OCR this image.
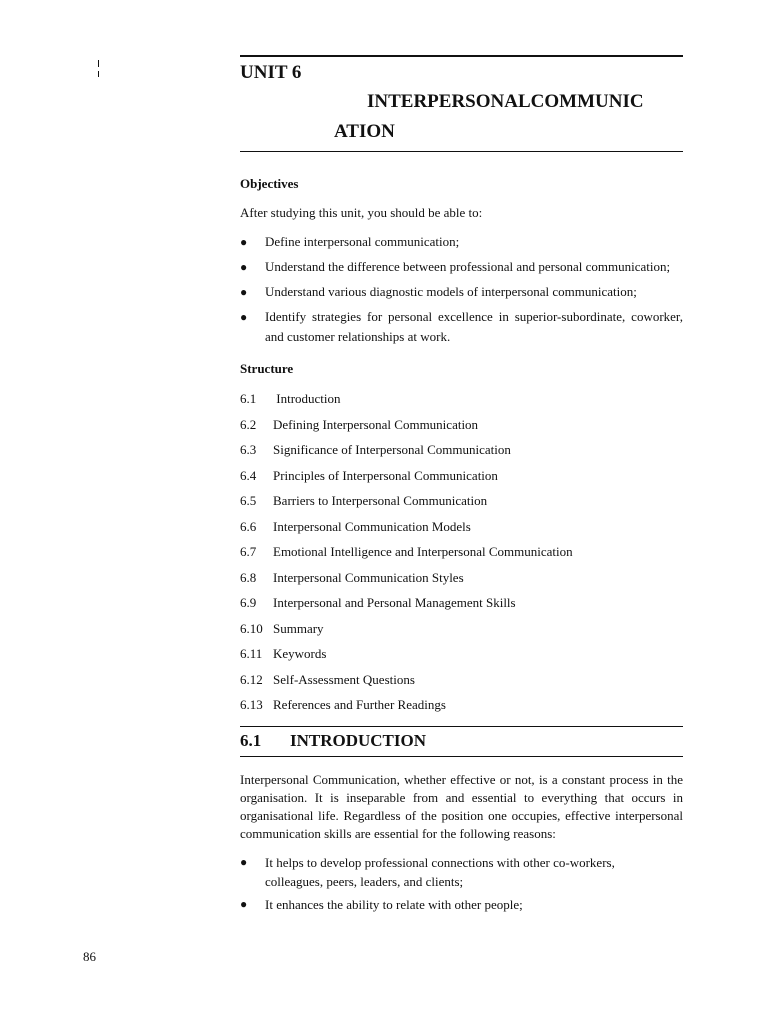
UNIT 6
INTERPERSONALCOMMUNIC
ATION
Objectives
After studying this unit, you should be able to:
● Define interpersonal communication;
● Understand the difference between professional and personal communication;
● Understand various diagnostic models of interpersonal communication;
● Identify strategies for personal excellence in superior-subordinate, coworker, and customer relationships at work.
Structure
6.1	Introduction
6.2	Defining Interpersonal Communication
6.3	Significance of Interpersonal Communication
6.4	Principles of Interpersonal Communication
6.5	Barriers to Interpersonal Communication
6.6	Interpersonal Communication Models
6.7	Emotional Intelligence and Interpersonal Communication
6.8	Interpersonal Communication Styles
6.9	Interpersonal and Personal Management Skills
6.10 Summary
6.11 Keywords
6.12 Self-Assessment Questions
6.13 References and Further Readings
6.1	INTRODUCTION
Interpersonal Communication, whether effective or not, is a constant process in the organisation. It is inseparable from and essential to everything that occurs in organisational life. Regardless of the position one occupies, effective interpersonal communication skills are essential for the following reasons:
● It helps to develop professional connections with other co-workers, colleagues, peers, leaders, and clients;
● It enhances the ability to relate with other people;
86
